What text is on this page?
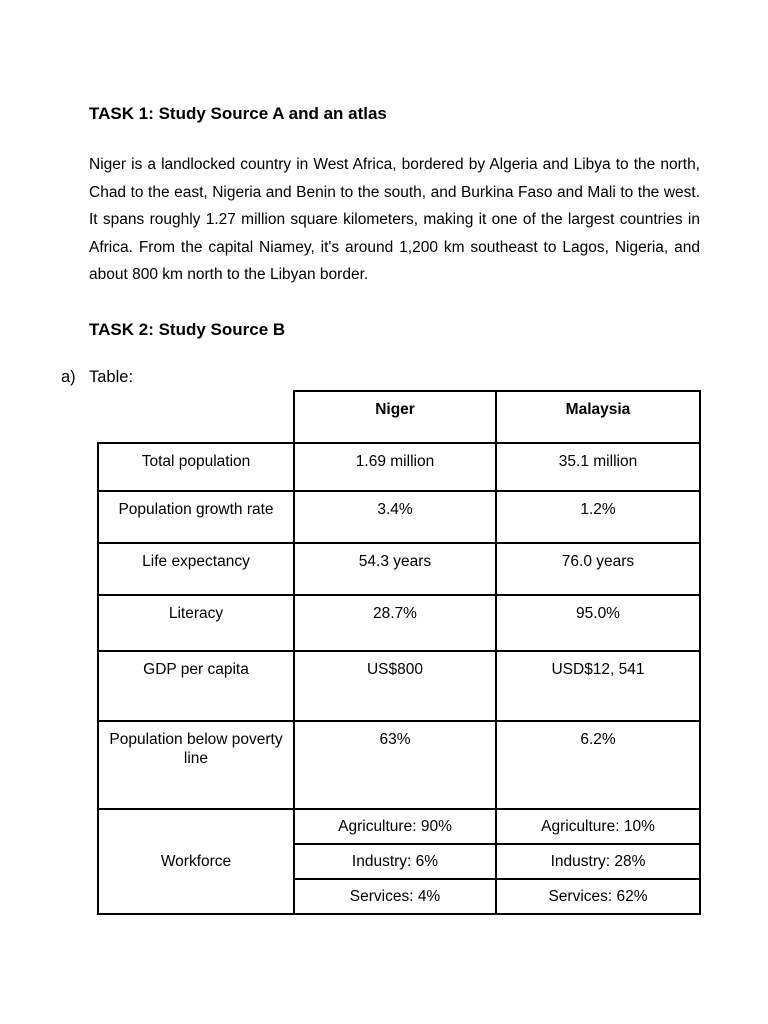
TASK 1: Study Source A and an atlas

Niger is a landlocked country in West Africa, bordered by Algeria and Libya to the north, Chad to the east, Nigeria and Benin to the south, and Burkina Faso and Mali to the west. It spans roughly 1.27 million square kilometers, making it one of the largest countries in Africa. From the capital Niamey, it's around 1,200 km southeast to Lagos, Nigeria, and about 800 km north to the Libyan border.

TASK 2: Study Source B

a) Table:

	Niger	Malaysia
Total population	1.69 million	35.1 million
Population growth rate	3.4%	1.2%
Life expectancy	54.3 years	76.0 years
Literacy	28.7%	95.0%
GDP per capita	US$800	USD$12, 541
Population below poverty line	63%	6.2%
Workforce	Agriculture: 90%	Agriculture: 10%
	Industry: 6%	Industry: 28%
	Services: 4%	Services: 62%
